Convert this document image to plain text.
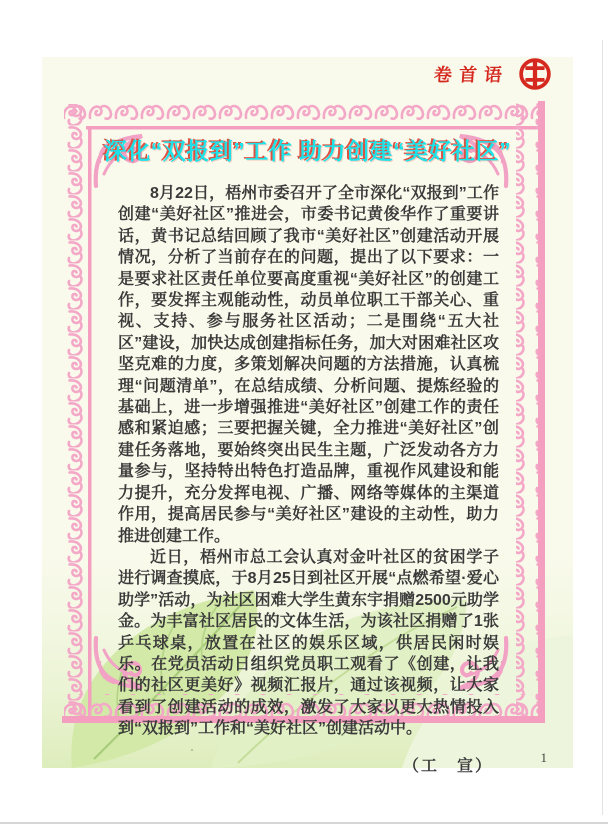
卷首语
深化“双报到”工作 助力创建“美好社区”

8月22日，梧州市委召开了全市深化“双报到”工作 创建“美好社区”推进会，市委书记黄俊华作了重要讲话，黄书记总结回顾了我市“美好社区”创建活动开展情况，分析了当前存在的问题，提出了以下要求：一是要求社区责任单位要高度重视“美好社区”的创建工作，要发挥主观能动性，动员单位职工干部关心、重视、支持、参与服务社区活动；二是围绕“五大社区”建设，加快达成创建指标任务，加大对困难社区攻坚克难的力度，多策划解决问题的方法措施，认真梳理“问题清单”，在总结成绩、分析问题、提炼经验的基础上，进一步增强推进“美好社区”创建工作的责任感和紧迫感；三要把握关键，全力推进“美好社区”创建任务落地，要始终突出民生主题，广泛发动各方力量参与，坚持特出特色打造品牌，重视作风建设和能力提升，充分发挥电视、广播、网络等媒体的主渠道作用，提高居民参与“美好社区”建设的主动性，助力推进创建工作。

近日，梧州市总工会认真对金叶社区的贫困学子进行调查摸底，于8月25日到社区开展“点燃希望·爱心助学”活动，为社区困难大学生黄东宇捐赠2500元助学金。为丰富社区居民的文体生活，为该社区捐赠了1张乒乓球桌，放置在社区的娱乐区域，供居民闲时娱乐。在党员活动日组织党员职工观看了《创建，让我们的社区更美好》视频汇报片，通过该视频，让大家看到了创建活动的成效，激发了大家以更大热情投入到“双报到”工作和“美好社区”创建活动中。

（工　宣）
1
